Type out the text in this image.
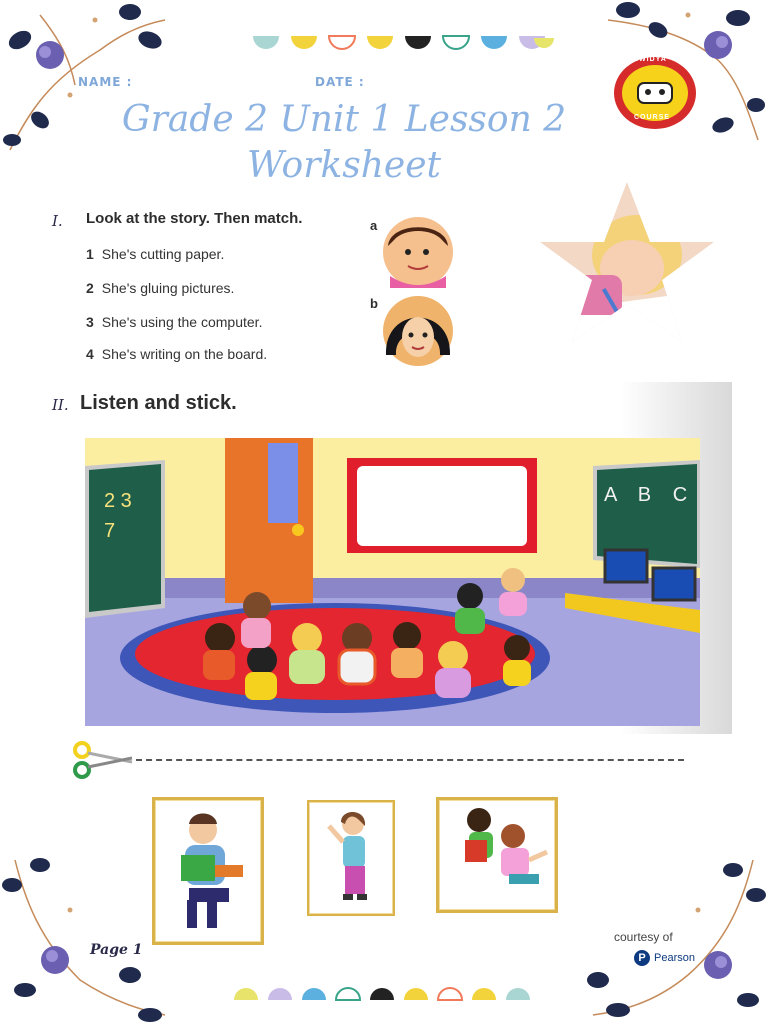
NAME :	DATE :
Grade 2 Unit 1 Lesson 2
Worksheet
ADIWIDYA
COURSE
I. Look at the story. Then match.
1 She's cutting paper.
2 She's gluing pictures.
3 She's using the computer.
4 She's writing on the board.
a
b
II. Listen and stick.
2 3
7
A B C
Page 1
courtesy of
P Pearson
